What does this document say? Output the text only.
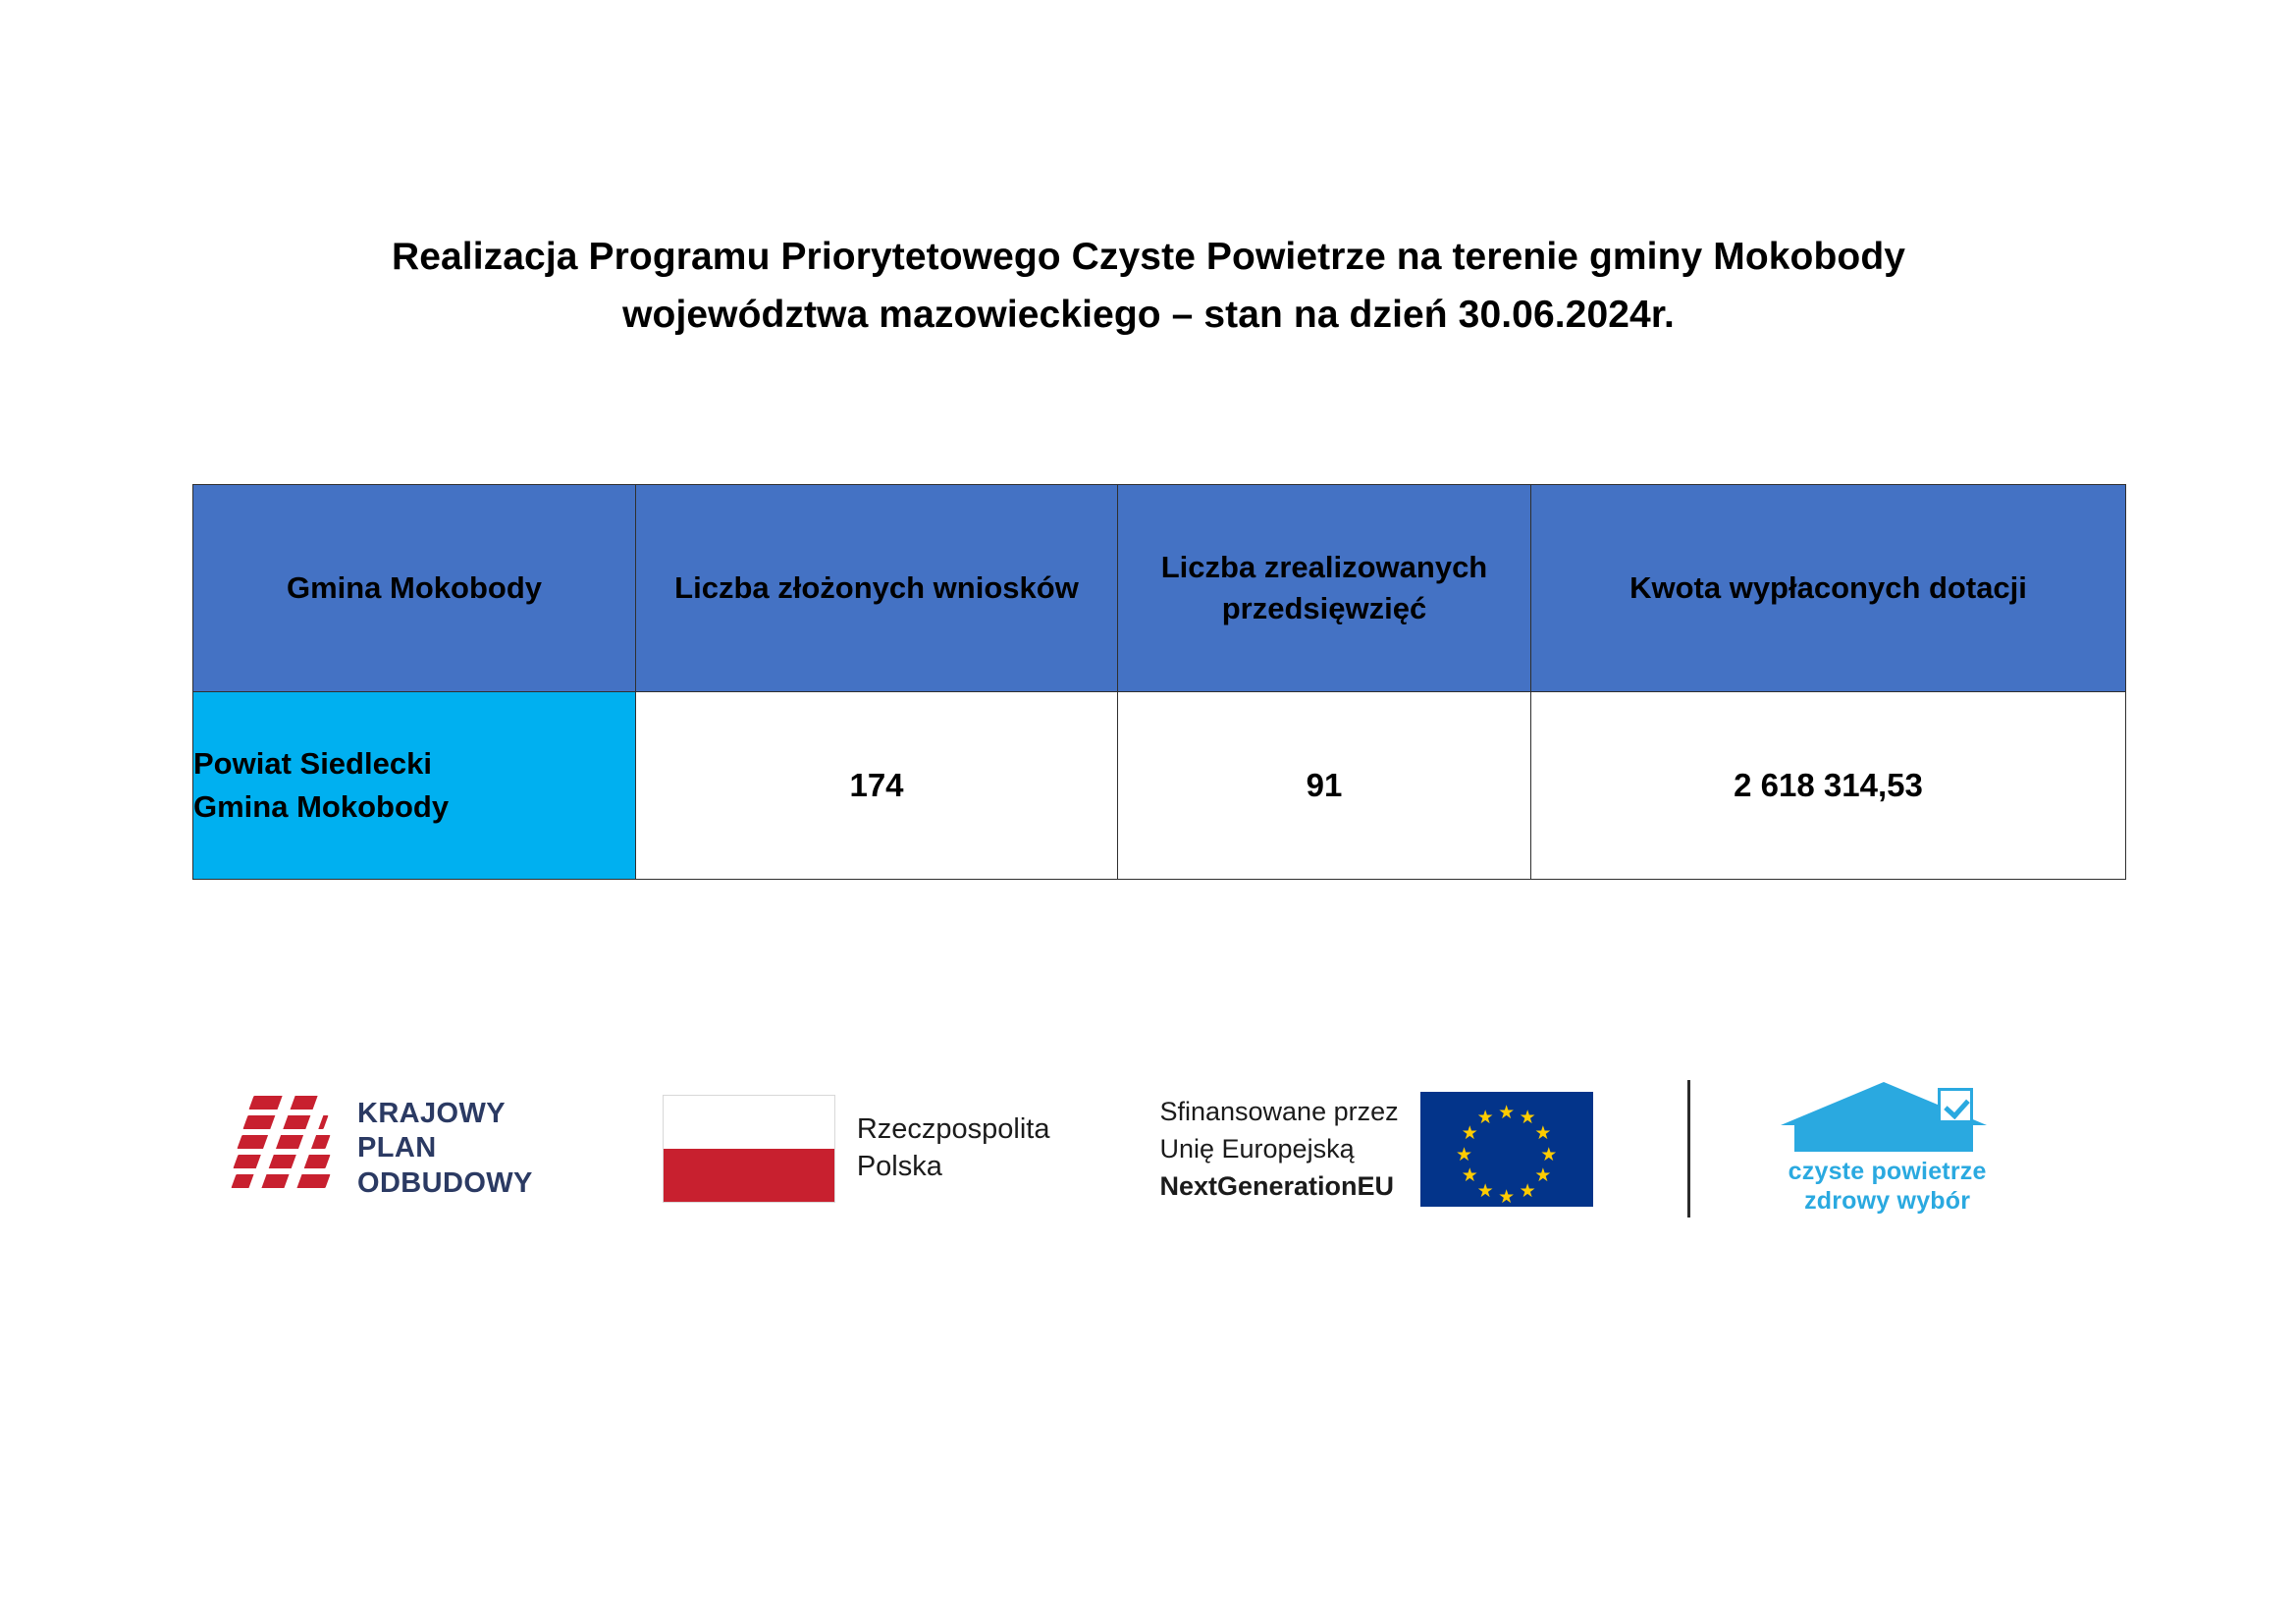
Realizacja Programu Priorytetowego Czyste Powietrze na terenie gminy Mokobody
województwa mazowieckiego – stan na dzień 30.06.2024r.
Gmina Mokobody	Liczba złożonych wniosków	Liczba zrealizowanych przedsięwzięć	Kwota wypłaconych dotacji

Powiat Siedlecki
Gmina Mokobody	174	91	2 618 314,53
KRAJOWY
PLAN
ODBUDOWY
Rzeczpospolita
Polska
Sfinansowane przez
Unię Europejską
NextGenerationEU
★
★
★
★
★
★ ★ ★
★
★
★
★
czyste powietrze
zdrowy wybór
